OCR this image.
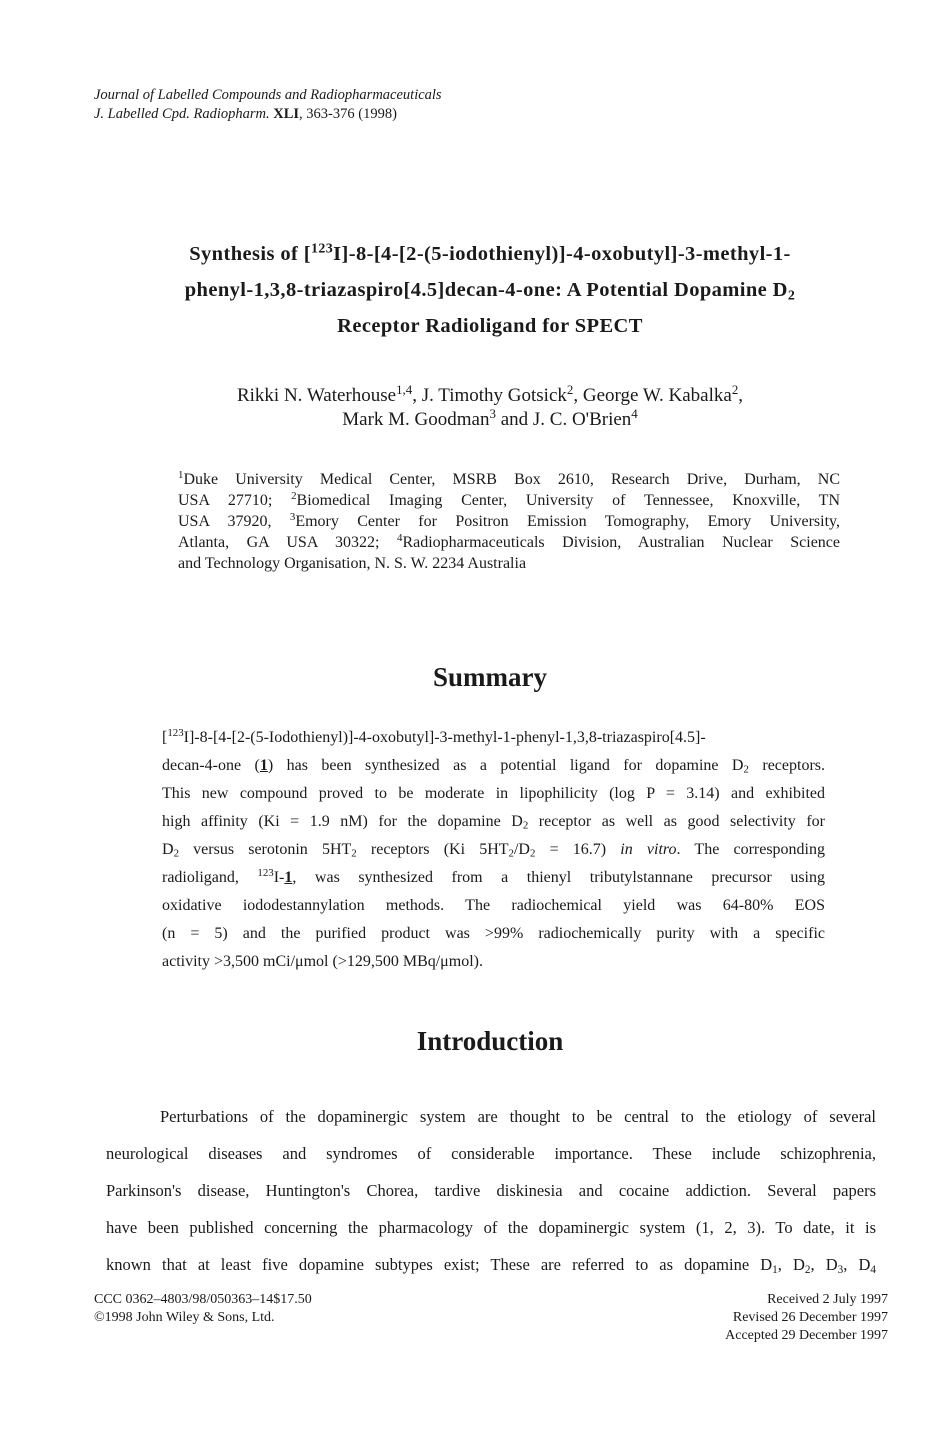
Journal of Labelled Compounds and Radiopharmaceuticals
J. Labelled Cpd. Radiopharm. XLI, 363-376 (1998)
Synthesis of [$^{123}$I]-8-[4-[2-(5-iodothienyl)]-4-oxobutyl]-3-methyl-1-
phenyl-1,3,8-triazaspiro[4.5]decan-4-one: A Potential Dopamine $D_2$
Receptor Radioligand for SPECT
Rikki N. Waterhouse$^{1,4}$, J. Timothy Gotsick$^2$, George W. Kabalka$^2$,
Mark M. Goodman$^3$ and J. C. O'Brien$^4$
$^1$Duke University Medical Center, MSRB Box 2610, Research Drive, Durham, NC
USA 27710; $^2$Biomedical Imaging Center, University of Tennessee, Knoxville, TN
USA 37920, $^3$Emory Center for Positron Emission Tomography, Emory University,
Atlanta, GA USA 30322; $^4$Radiopharmaceuticals Division, Australian Nuclear Science
and Technology Organisation, N. S. W. 2234 Australia
Summary
[$^{123}$I]-8-[4-[2-(5-Iodothienyl)]-4-oxobutyl]-3-methyl-1-phenyl-1,3,8-triazaspiro[4.5]-
decan-4-one (1) has been synthesized as a potential ligand for dopamine $D_2$ receptors.
This new compound proved to be moderate in lipophilicity (log P = 3.14) and exhibited
high affinity (Ki = 1.9 nM) for the dopamine $D_2$ receptor as well as good selectivity for
$D_2$ versus serotonin $5HT_2$ receptors (Ki $5HT_2/D_2 = 16.7$) in vitro. The corresponding
radioligand, $^{123}$I-1, was synthesized from a thienyl tributylstannane precursor using
oxidative iododestannylation methods. The radiochemical yield was 64-80% EOS
(n = 5) and the purified product was >99% radiochemically purity with a specific
activity >3,500 mCi/μmol (>129,500 MBq/μmol).
Introduction
Perturbations of the dopaminergic system are thought to be central to the etiology of several
neurological diseases and syndromes of considerable importance. These include schizophrenia,
Parkinson's disease, Huntington's Chorea, tardive diskinesia and cocaine addiction. Several papers
have been published concerning the pharmacology of the dopaminergic system (1, 2, 3). To date, it is
known that at least five dopamine subtypes exist; These are referred to as dopamine $D_1$, $D_2$, $D_3$, $D_4$
CCC 0362–4803/98/050363–14$17.50
©1998 John Wiley & Sons, Ltd.
Received 2 July 1997
Revised 26 December 1997
Accepted 29 December 1997
